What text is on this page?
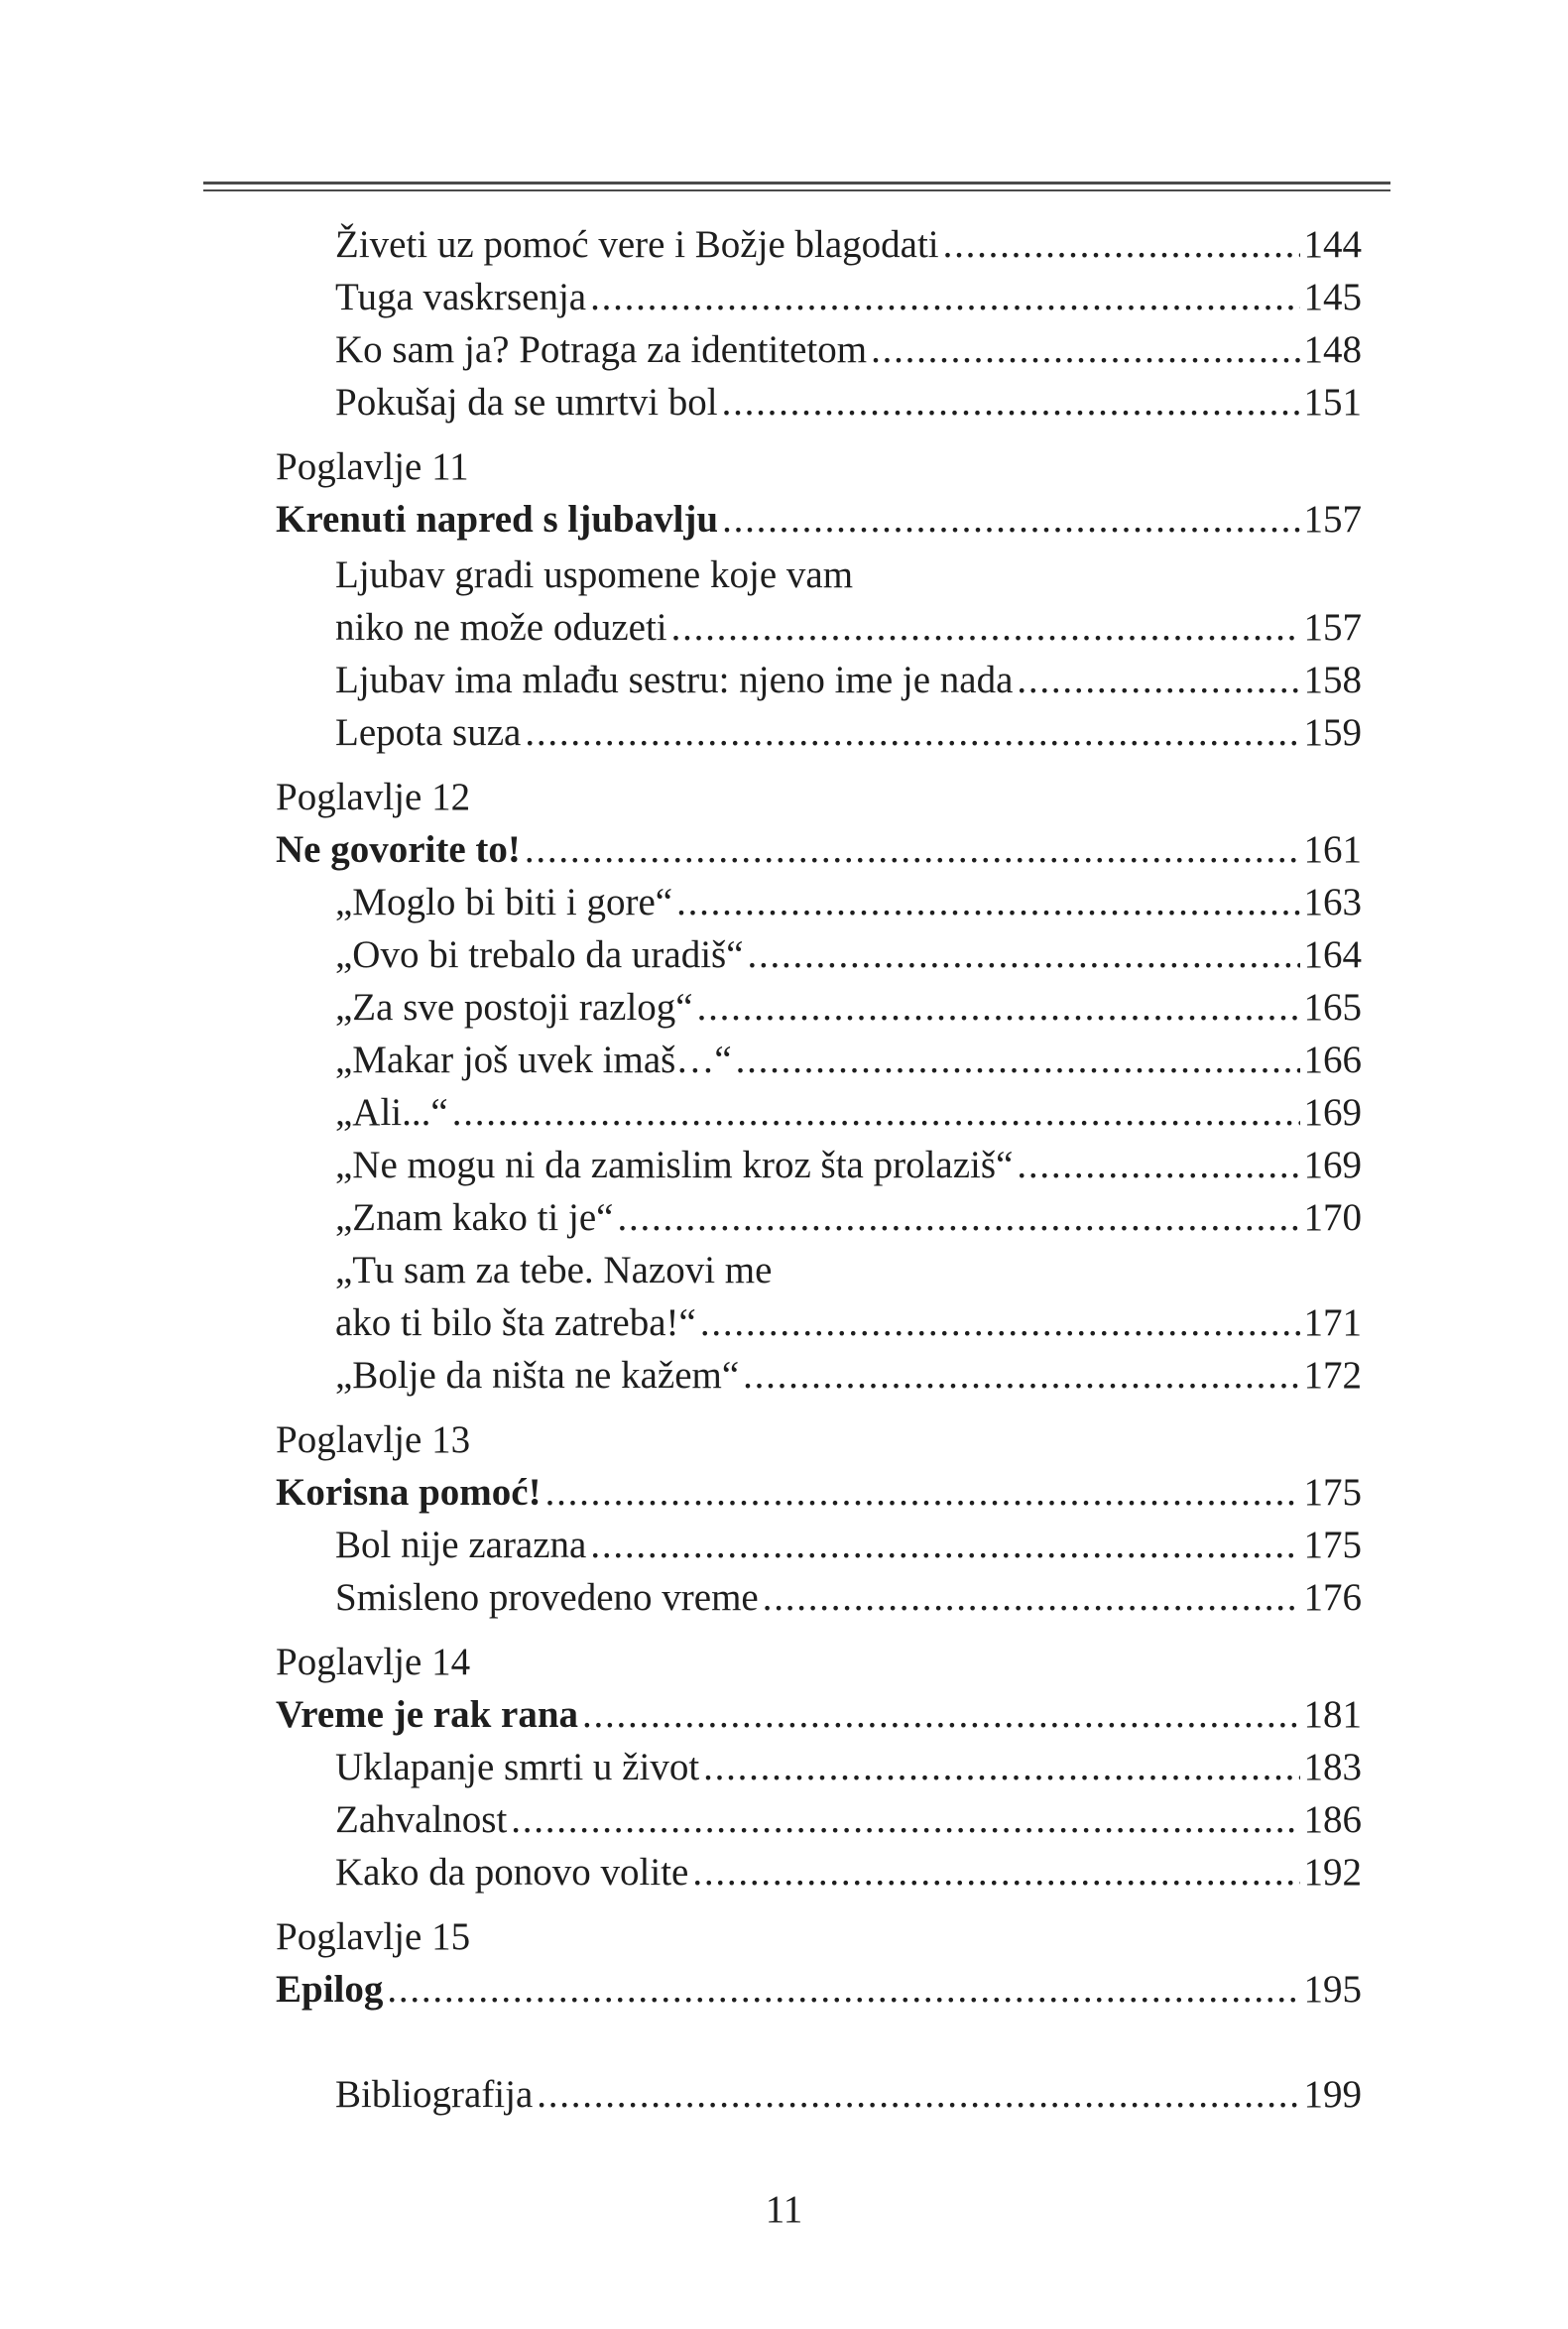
Živeti uz pomoć vere i Božje blagodati . . .	144
Tuga vaskrsenja . . .	145
Ko sam ja? Potraga za identitetom . . .	148
Pokušaj da se umrtvi bol . . .	151
Poglavlje 11
Krenuti napred s ljubavlju . . .	157
Ljubav gradi uspomene koje vam
niko ne može oduzeti . . .	157
Ljubav ima mlađu sestru: njeno ime je nada . . .	158
Lepota suza . . .	159
Poglavlje 12
Ne govorite to! . . .	161
„Moglo bi biti i gore“ . . .	163
„Ovo bi trebalo da uradiš“ . . .	164
„Za sve postoji razlog“ . . .	165
„Makar još uvek imaš…“ . . .	166
„Ali...“ . . .	169
„Ne mogu ni da zamislim kroz šta prolaziš“ . . .	169
„Znam kako ti je“ . . .	170
„Tu sam za tebe. Nazovi me
ako ti bilo šta zatreba!“ . . .	171
„Bolje da ništa ne kažem“ . . .	172
Poglavlje 13
Korisna pomoć! . . .	175
Bol nije zarazna . . .	175
Smisleno provedeno vreme . . .	176
Poglavlje 14
Vreme je rak rana . . .	181
Uklapanje smrti u život . . .	183
Zahvalnost . . .	186
Kako da ponovo volite . . .	192
Poglavlje 15
Epilog . . .	195
Bibliografija . . .	199
11
